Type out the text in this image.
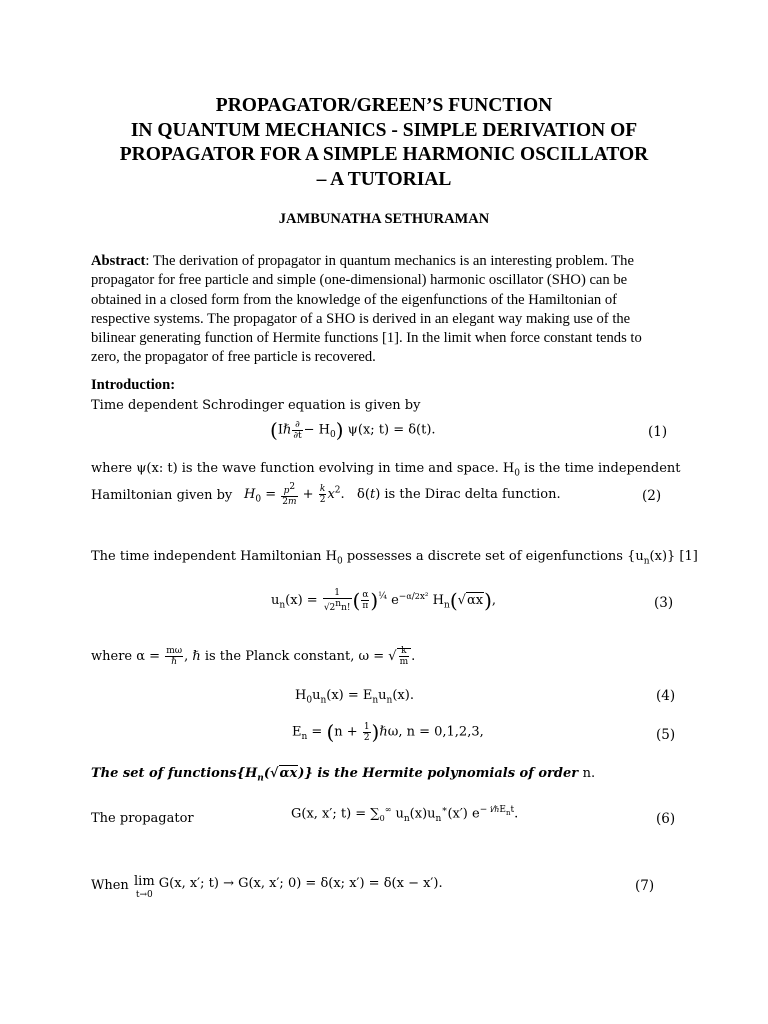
PROPAGATOR/GREEN’S FUNCTION
IN QUANTUM MECHANICS - SIMPLE DERIVATION OF
PROPAGATOR FOR A SIMPLE HARMONIC OSCILLATOR
– A TUTORIAL
JAMBUNATHA SETHURAMAN
Abstract: The derivation of propagator in quantum mechanics is an interesting problem. The
propagator for free particle and simple (one-dimensional) harmonic oscillator (SHO) can be
obtained in a closed form from the knowledge of the eigenfunctions of the Hamiltonian of
respective systems. The propagator of a SHO is derived in an elegant way making use of the
bilinear generating function of Hermite functions [1]. In the limit when force constant tends to
zero, the propagator of free particle is recovered.
Introduction:
Time dependent Schrodinger equation is given by
(Iℏ $\frac{\partial}{\partial t} - H_0$) ψ(x; t) = δ(t).	(1)
where ψ(x: t) is the wave function evolving in time and space. $H_0$ is the time independent
Hamiltonian given by $H_0 = \frac{p^2}{2m} + \frac{k}{2} x^2$.   δ(t) is the Dirac delta function.	(2)
The time independent Hamiltonian $H_0$ possesses a discrete set of eigenfunctions $\{u_n(x)\}$ [1]
$u_n(x) = \frac{1}{√2^nn!}$ ( $\frac{\alpha}{\pi} )^{\frac{1}{4}}$ $e^{-\alpha/2x^2}$ $H_n(√\alpha x)$,	(3)
where $\alpha = \frac{m\omega}{\text{ℏ}}$ , ℏ is the Planck constant, ω = √ $\frac{k}{m}$ .
$H_0u_n(x) = E_nu_n(x)$.	(4)
$E_n = (n + \frac{1}{2}$ )ℏω, n = 0,1,2,3,	(5)
The set of $functions\{H_n(√\alpha x)\}$ is the Hermite polynomials of order n.
The propagator	G(x, x′; $t) = \sum_0^\infty$ $u_n(x)u_n^∗(x')$ $e^{- i⁄\hbar E_nt}$.	(6)
When lim
t→0 G(x, x′; t) → G(x, x′; 0) = δ(x; x′) = δ(x − x′).	(7)
